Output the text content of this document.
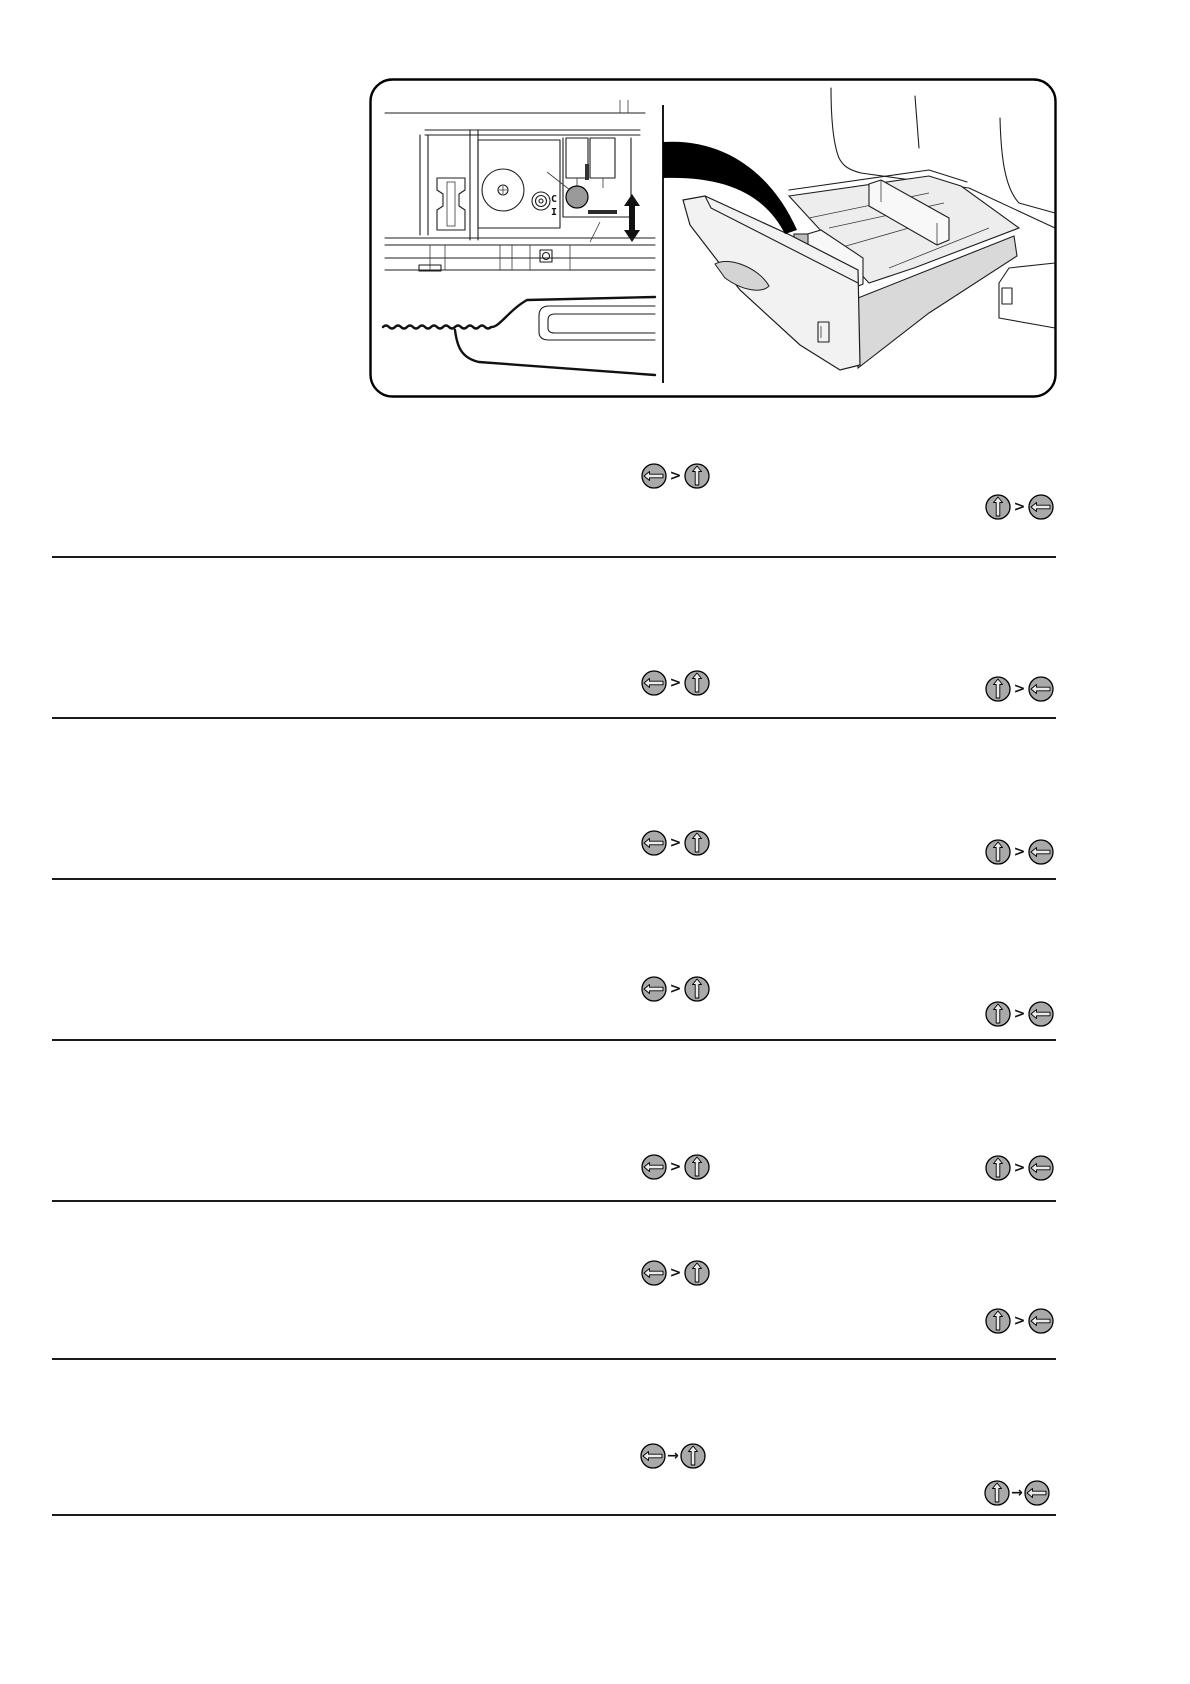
C
I
>
>
>	>
>
>
>
>
>	>
>
>
→
→
